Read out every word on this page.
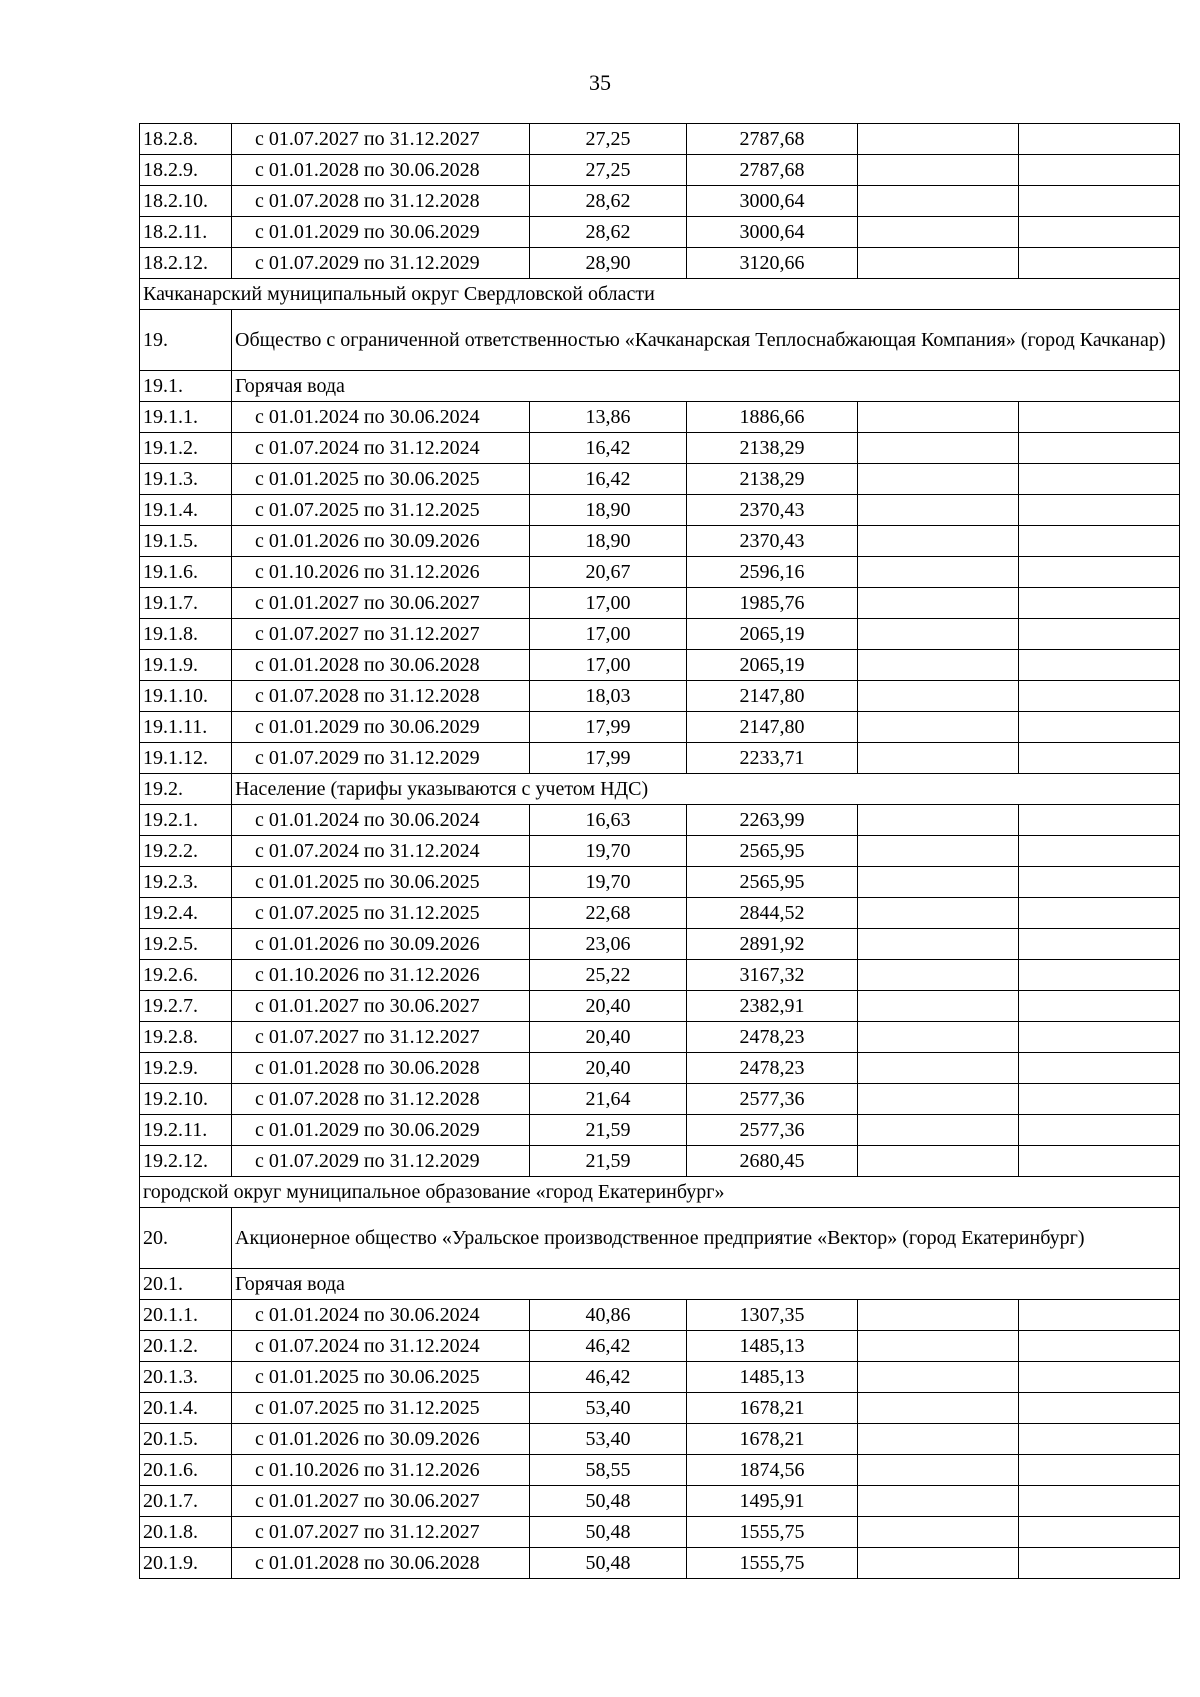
35
18.2.8.	с 01.07.2027 по 31.12.2027	27,25	2787,68		
18.2.9.	с 01.01.2028 по 30.06.2028	27,25	2787,68		
18.2.10.	с 01.07.2028 по 31.12.2028	28,62	3000,64		
18.2.11.	с 01.01.2029 по 30.06.2029	28,62	3000,64		
18.2.12.	с 01.07.2029 по 31.12.2029	28,90	3120,66		
Качканарский муниципальный округ Свердловской области					
19.	Общество с ограниченной ответственностью «Качканарская Теплоснабжающая Компания» (город Качканар)				
19.1.	Горячая вода				
19.1.1.	с 01.01.2024 по 30.06.2024	13,86	1886,66		
19.1.2.	с 01.07.2024 по 31.12.2024	16,42	2138,29		
19.1.3.	с 01.01.2025 по 30.06.2025	16,42	2138,29		
19.1.4.	с 01.07.2025 по 31.12.2025	18,90	2370,43		
19.1.5.	с 01.01.2026 по 30.09.2026	18,90	2370,43		
19.1.6.	с 01.10.2026 по 31.12.2026	20,67	2596,16		
19.1.7.	с 01.01.2027 по 30.06.2027	17,00	1985,76		
19.1.8.	с 01.07.2027 по 31.12.2027	17,00	2065,19		
19.1.9.	с 01.01.2028 по 30.06.2028	17,00	2065,19		
19.1.10.	с 01.07.2028 по 31.12.2028	18,03	2147,80		
19.1.11.	с 01.01.2029 по 30.06.2029	17,99	2147,80		
19.1.12.	с 01.07.2029 по 31.12.2029	17,99	2233,71		
19.2.	Население (тарифы указываются с учетом НДС)				
19.2.1.	с 01.01.2024 по 30.06.2024	16,63	2263,99		
19.2.2.	с 01.07.2024 по 31.12.2024	19,70	2565,95		
19.2.3.	с 01.01.2025 по 30.06.2025	19,70	2565,95		
19.2.4.	с 01.07.2025 по 31.12.2025	22,68	2844,52		
19.2.5.	с 01.01.2026 по 30.09.2026	23,06	2891,92		
19.2.6.	с 01.10.2026 по 31.12.2026	25,22	3167,32		
19.2.7.	с 01.01.2027 по 30.06.2027	20,40	2382,91		
19.2.8.	с 01.07.2027 по 31.12.2027	20,40	2478,23		
19.2.9.	с 01.01.2028 по 30.06.2028	20,40	2478,23		
19.2.10.	с 01.07.2028 по 31.12.2028	21,64	2577,36		
19.2.11.	с 01.01.2029 по 30.06.2029	21,59	2577,36		
19.2.12.	с 01.07.2029 по 31.12.2029	21,59	2680,45		
городской округ муниципальное образование «город Екатеринбург»					
20.	Акционерное общество «Уральское производственное предприятие «Вектор» (город Екатеринбург)				
20.1.	Горячая вода				
20.1.1.	с 01.01.2024 по 30.06.2024	40,86	1307,35		
20.1.2.	с 01.07.2024 по 31.12.2024	46,42	1485,13		
20.1.3.	с 01.01.2025 по 30.06.2025	46,42	1485,13		
20.1.4.	с 01.07.2025 по 31.12.2025	53,40	1678,21		
20.1.5.	с 01.01.2026 по 30.09.2026	53,40	1678,21		
20.1.6.	с 01.10.2026 по 31.12.2026	58,55	1874,56		
20.1.7.	с 01.01.2027 по 30.06.2027	50,48	1495,91		
20.1.8.	с 01.07.2027 по 31.12.2027	50,48	1555,75		
20.1.9.	с 01.01.2028 по 30.06.2028	50,48	1555,75		
